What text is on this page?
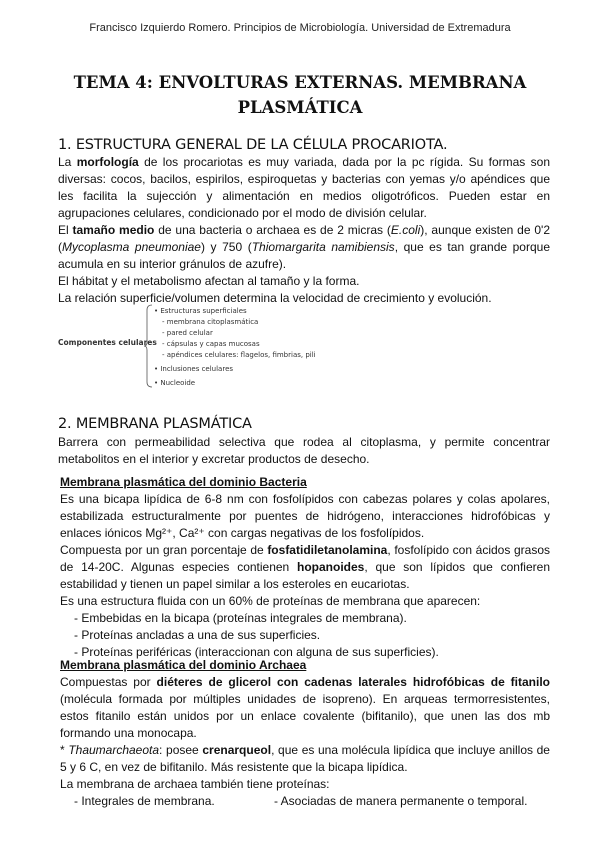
Francisco Izquierdo Romero. Principios de Microbiología. Universidad de Extremadura
TEMA 4: ENVOLTURAS EXTERNAS. MEMBRANA
PLASMÁTICA
1. ESTRUCTURA GENERAL DE LA CÉLULA PROCARIOTA.
La morfología de los procariotas es muy variada, dada por la pc rígida. Su formas son diversas: cocos, bacilos, espirilos, espiroquetas y bacterias con yemas y/o apéndices que les facilita la sujección y alimentación en medios oligotróficos. Pueden estar en agrupaciones celulares, condicionado por el modo de división celular.
El tamaño medio de una bacteria o archaea es de 2 micras (E.coli), aunque existen de 0'2 (Mycoplasma pneumoniae) y 750 (Thiomargarita namibiensis, que es tan grande porque acumula en su interior gránulos de azufre).
El hábitat y el metabolismo afectan al tamaño y la forma.
La relación superficie/volumen determina la velocidad de crecimiento y evolución.
Componentes celulares
• Estructuras superficiales
- membrana citoplasmática
- pared celular
- cápsulas y capas mucosas
- apéndices celulares: flagelos, fimbrias, pili
• Inclusiones celulares
• Nucleoide
2. MEMBRANA PLASMÁTICA
Barrera con permeabilidad selectiva que rodea al citoplasma, y permite concentrar metabolitos en el interior y excretar productos de desecho.
Membrana plasmática del dominio Bacteria
Es una bicapa lipídica de 6-8 nm con fosfolípidos con cabezas polares y colas apolares, estabilizada estructuralmente por puentes de hidrógeno, interacciones hidrofóbicas y enlaces iónicos Mg²⁺, Ca²⁺ con cargas negativas de los fosfolípidos.
Compuesta por un gran porcentaje de fosfatidiletanolamina, fosfolípido con ácidos grasos de 14-20C. Algunas especies contienen hopanoides, que son lípidos que confieren estabilidad y tienen un papel similar a los esteroles en eucariotas.
Es una estructura fluida con un 60% de proteínas de membrana que aparecen:
- Embebidas en la bicapa (proteínas integrales de membrana).
- Proteínas ancladas a una de sus superficies.
- Proteínas periféricas (interaccionan con alguna de sus superficies).
Membrana plasmática del dominio Archaea
Compuestas por diéteres de glicerol con cadenas laterales hidrofóbicas de fitanilo (molécula formada por múltiples unidades de isopreno). En arqueas termorresistentes, estos fitanilo están unidos por un enlace covalente (bifitanilo), que unen las dos mb formando una monocapa.
* Thaumarchaeota: posee crenarqueol, que es una molécula lipídica que incluye anillos de 5 y 6 C, en vez de bifitanilo. Más resistente que la bicapa lipídica.
La membrana de archaea también tiene proteínas:
- Integrales de membrana.	- Asociadas de manera permanente o temporal.
